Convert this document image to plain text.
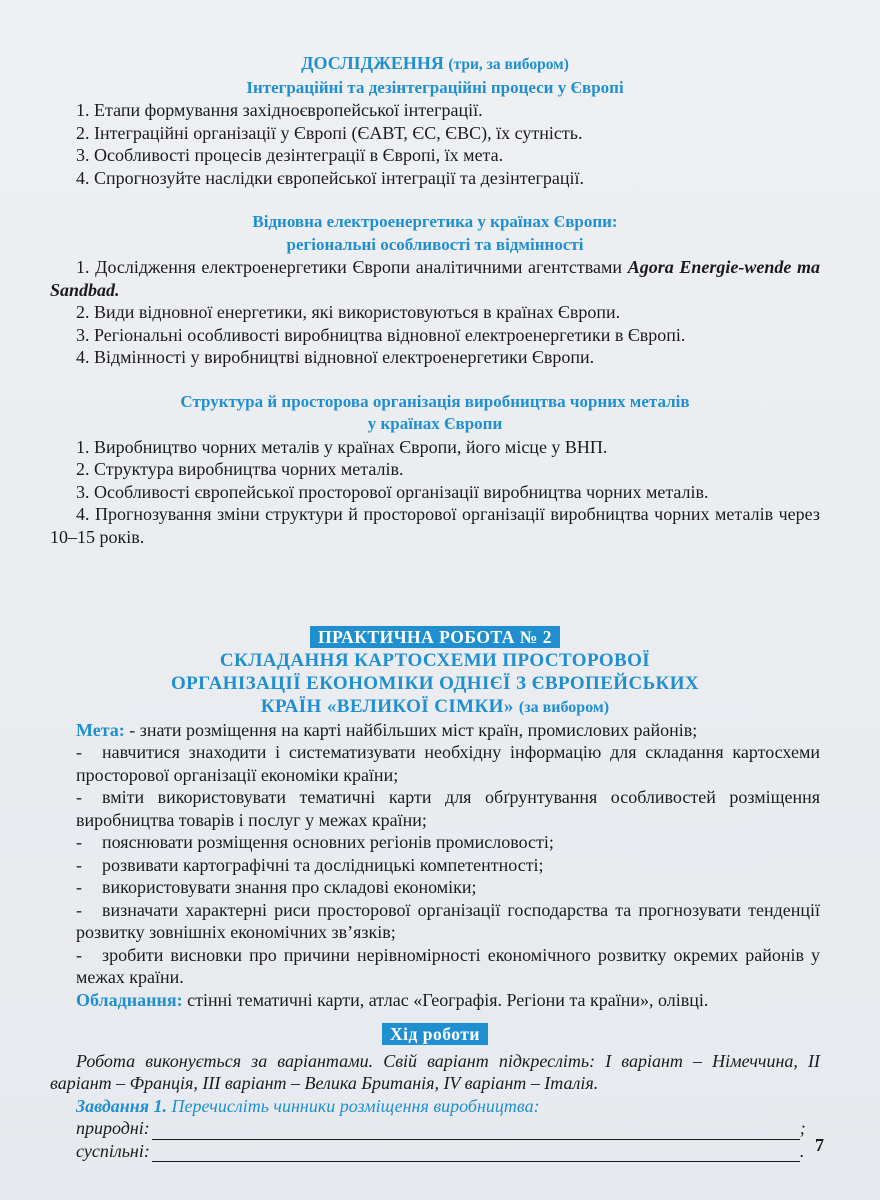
ДОСЛІДЖЕННЯ (три, за вибором)

Інтеграційні та дезінтеграційні процеси у Європі

1. Етапи формування західноєвропейської інтеграції.
2. Інтеграційні організації у Європі (ЄАВТ, ЄС, ЄВС), їх сутність.
3. Особливості процесів дезінтеграції в Європі, їх мета.
4. Спрогнозуйте наслідки європейської інтеграції та дезінтеграції.

Відновна електроенергетика у країнах Європи:

регіональні особливості та відмінності

1. Дослідження електроенергетики Європи аналітичними агентствами Agora Energie-wende та Sandbad.
2. Види відновної енергетики, які використовуються в країнах Європи.
3. Регіональні особливості виробництва відновної електроенергетики в Європі.
4. Відмінності у виробництві відновної електроенергетики Європи.

Структура й просторова організація виробництва чорних металів

у країнах Європи

1. Виробництво чорних металів у країнах Європи, його місце у ВНП.
2. Структура виробництва чорних металів.
3. Особливості європейської просторової організації виробництва чорних металів.
4. Прогнозування зміни структури й просторової організації виробництва чорних металів через 10–15 років.

ПРАКТИЧНА РОБОТА № 2

СКЛАДАННЯ КАРТОСХЕМИ ПРОСТОРОВОЇ

ОРГАНІЗАЦІЇ ЕКОНОМІКИ ОДНІЄЇ З ЄВРОПЕЙСЬКИХ

КРАЇН «ВЕЛИКОЇ СІМКИ» (за вибором)

Мета: - знати розміщення на карті найбільших міст країн, промислових районів;

- навчитися знаходити і систематизувати необхідну інформацію для складання картосхеми просторової організації економіки країни;

- вміти використовувати тематичні карти для обґрунтування особливостей розміщення виробництва товарів і послуг у межах країни;

- пояснювати розміщення основних регіонів промисловості;

- розвивати картографічні та дослідницькі компетентності;

- використовувати знання про складові економіки;

- визначати характерні риси просторової організації господарства та прогнозувати тенденції розвитку зовнішніх економічних зв’язків;

- зробити висновки про причини нерівномірності економічного розвитку окремих районів у межах країни.

Обладнання: стінні тематичні карти, атлас «Географія. Регіони та країни», олівці.

Хід роботи

Робота виконується за варіантами. Свій варіант підкресліть: I варіант – Німеччина, II варіант – Франція, III варіант – Велика Британія, IV варіант – Італія.

Завдання 1. Перечисліть чинники розміщення виробництва:

природні:	;
суспільні:	. 7
